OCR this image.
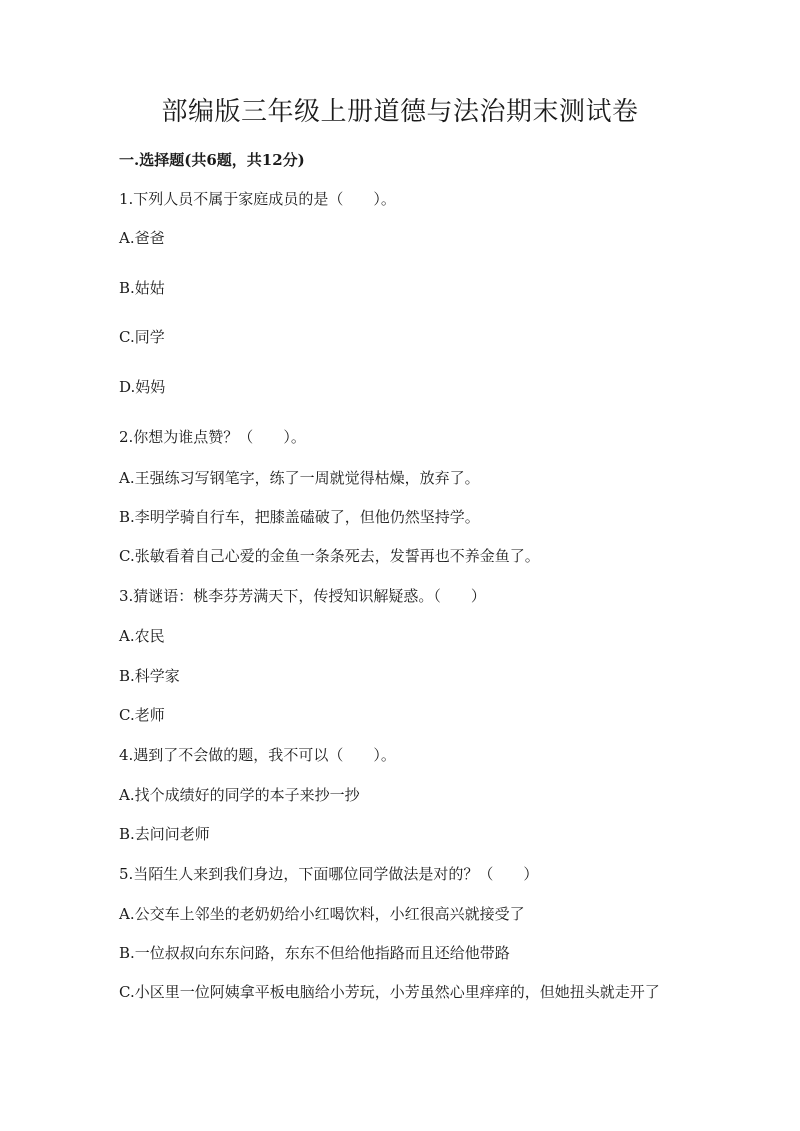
部编版三年级上册道德与法治期末测试卷
一.选择题(共6题，共12分)
1.下列人员不属于家庭成员的是（　　）。
A.爸爸
B.姑姑
C.同学
D.妈妈
2.你想为谁点赞？（　　）。
A.王强练习写钢笔字，练了一周就觉得枯燥，放弃了。
B.李明学骑自行车，把膝盖磕破了，但他仍然坚持学。
C.张敏看着自己心爱的金鱼一条条死去，发誓再也不养金鱼了。
3.猜谜语：桃李芬芳满天下，传授知识解疑惑。（　　）
A.农民
B.科学家
C.老师
4.遇到了不会做的题，我不可以（　　）。
A.找个成绩好的同学的本子来抄一抄
B.去问问老师
5.当陌生人来到我们身边，下面哪位同学做法是对的？（　　）
A.公交车上邻坐的老奶奶给小红喝饮料，小红很高兴就接受了
B.一位叔叔向东东问路，东东不但给他指路而且还给他带路
C.小区里一位阿姨拿平板电脑给小芳玩，小芳虽然心里痒痒的，但她扭头就走开了
